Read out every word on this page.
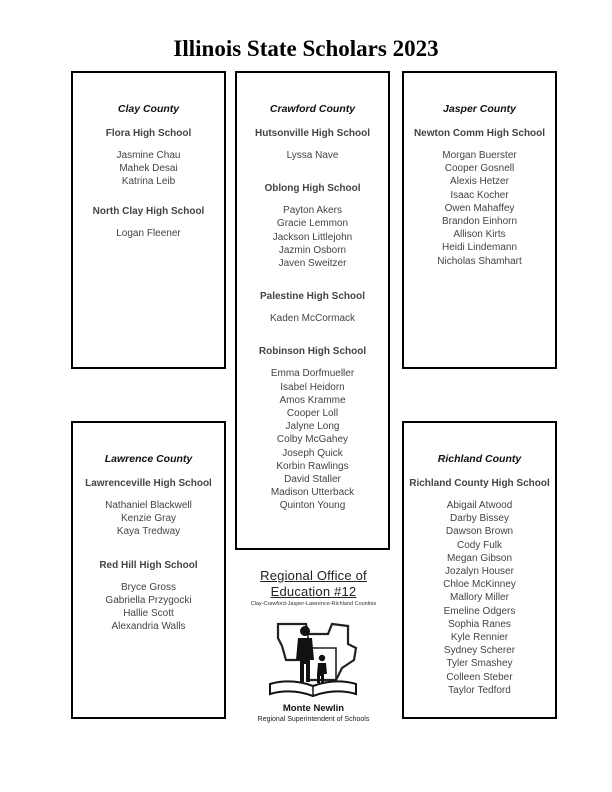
Illinois State Scholars 2023
Clay County
Flora High School
Jasmine Chau
Mahek Desai
Katrina Leib
North Clay High School
Logan Fleener
Crawford County
Hutsonville High School
Lyssa Nave
Oblong High School
Payton Akers
Gracie Lemmon
Jackson Littlejohn
Jazmin Osborn
Javen Sweitzer
Palestine High School
Kaden McCormack
Robinson High School
Emma Dorfmueller
Isabel Heidorn
Amos Kramme
Cooper Loll
Jalyne Long
Colby McGahey
Joseph Quick
Korbin Rawlings
David Staller
Madison Utterback
Quinton Young
Jasper County
Newton Comm High School
Morgan Buerster
Cooper Gosnell
Alexis Hetzer
Isaac Kocher
Owen Mahaffey
Brandon Einhorn
Allison Kirts
Heidi Lindemann
Nicholas Shamhart
Lawrence County
Lawrenceville High School
Nathaniel Blackwell
Kenzie Gray
Kaya Tredway
Red Hill High School
Bryce Gross
Gabriella Przygocki
Hallie Scott
Alexandria Walls
Richland County
Richland County High School
Abigail Atwood
Darby Bissey
Dawson Brown
Cody Fulk
Megan Gibson
Jozalyn Houser
Chloe McKinney
Mallory Miller
Emeline Odgers
Sophia Ranes
Kyle Rennier
Sydney Scherer
Tyler Smashey
Colleen Steber
Taylor Tedford
Regional Office of Education #12
Clay-Crawford-Jasper-Lawrence-Richland Counties
Monte Newlin
Regional Superintendent of Schools
